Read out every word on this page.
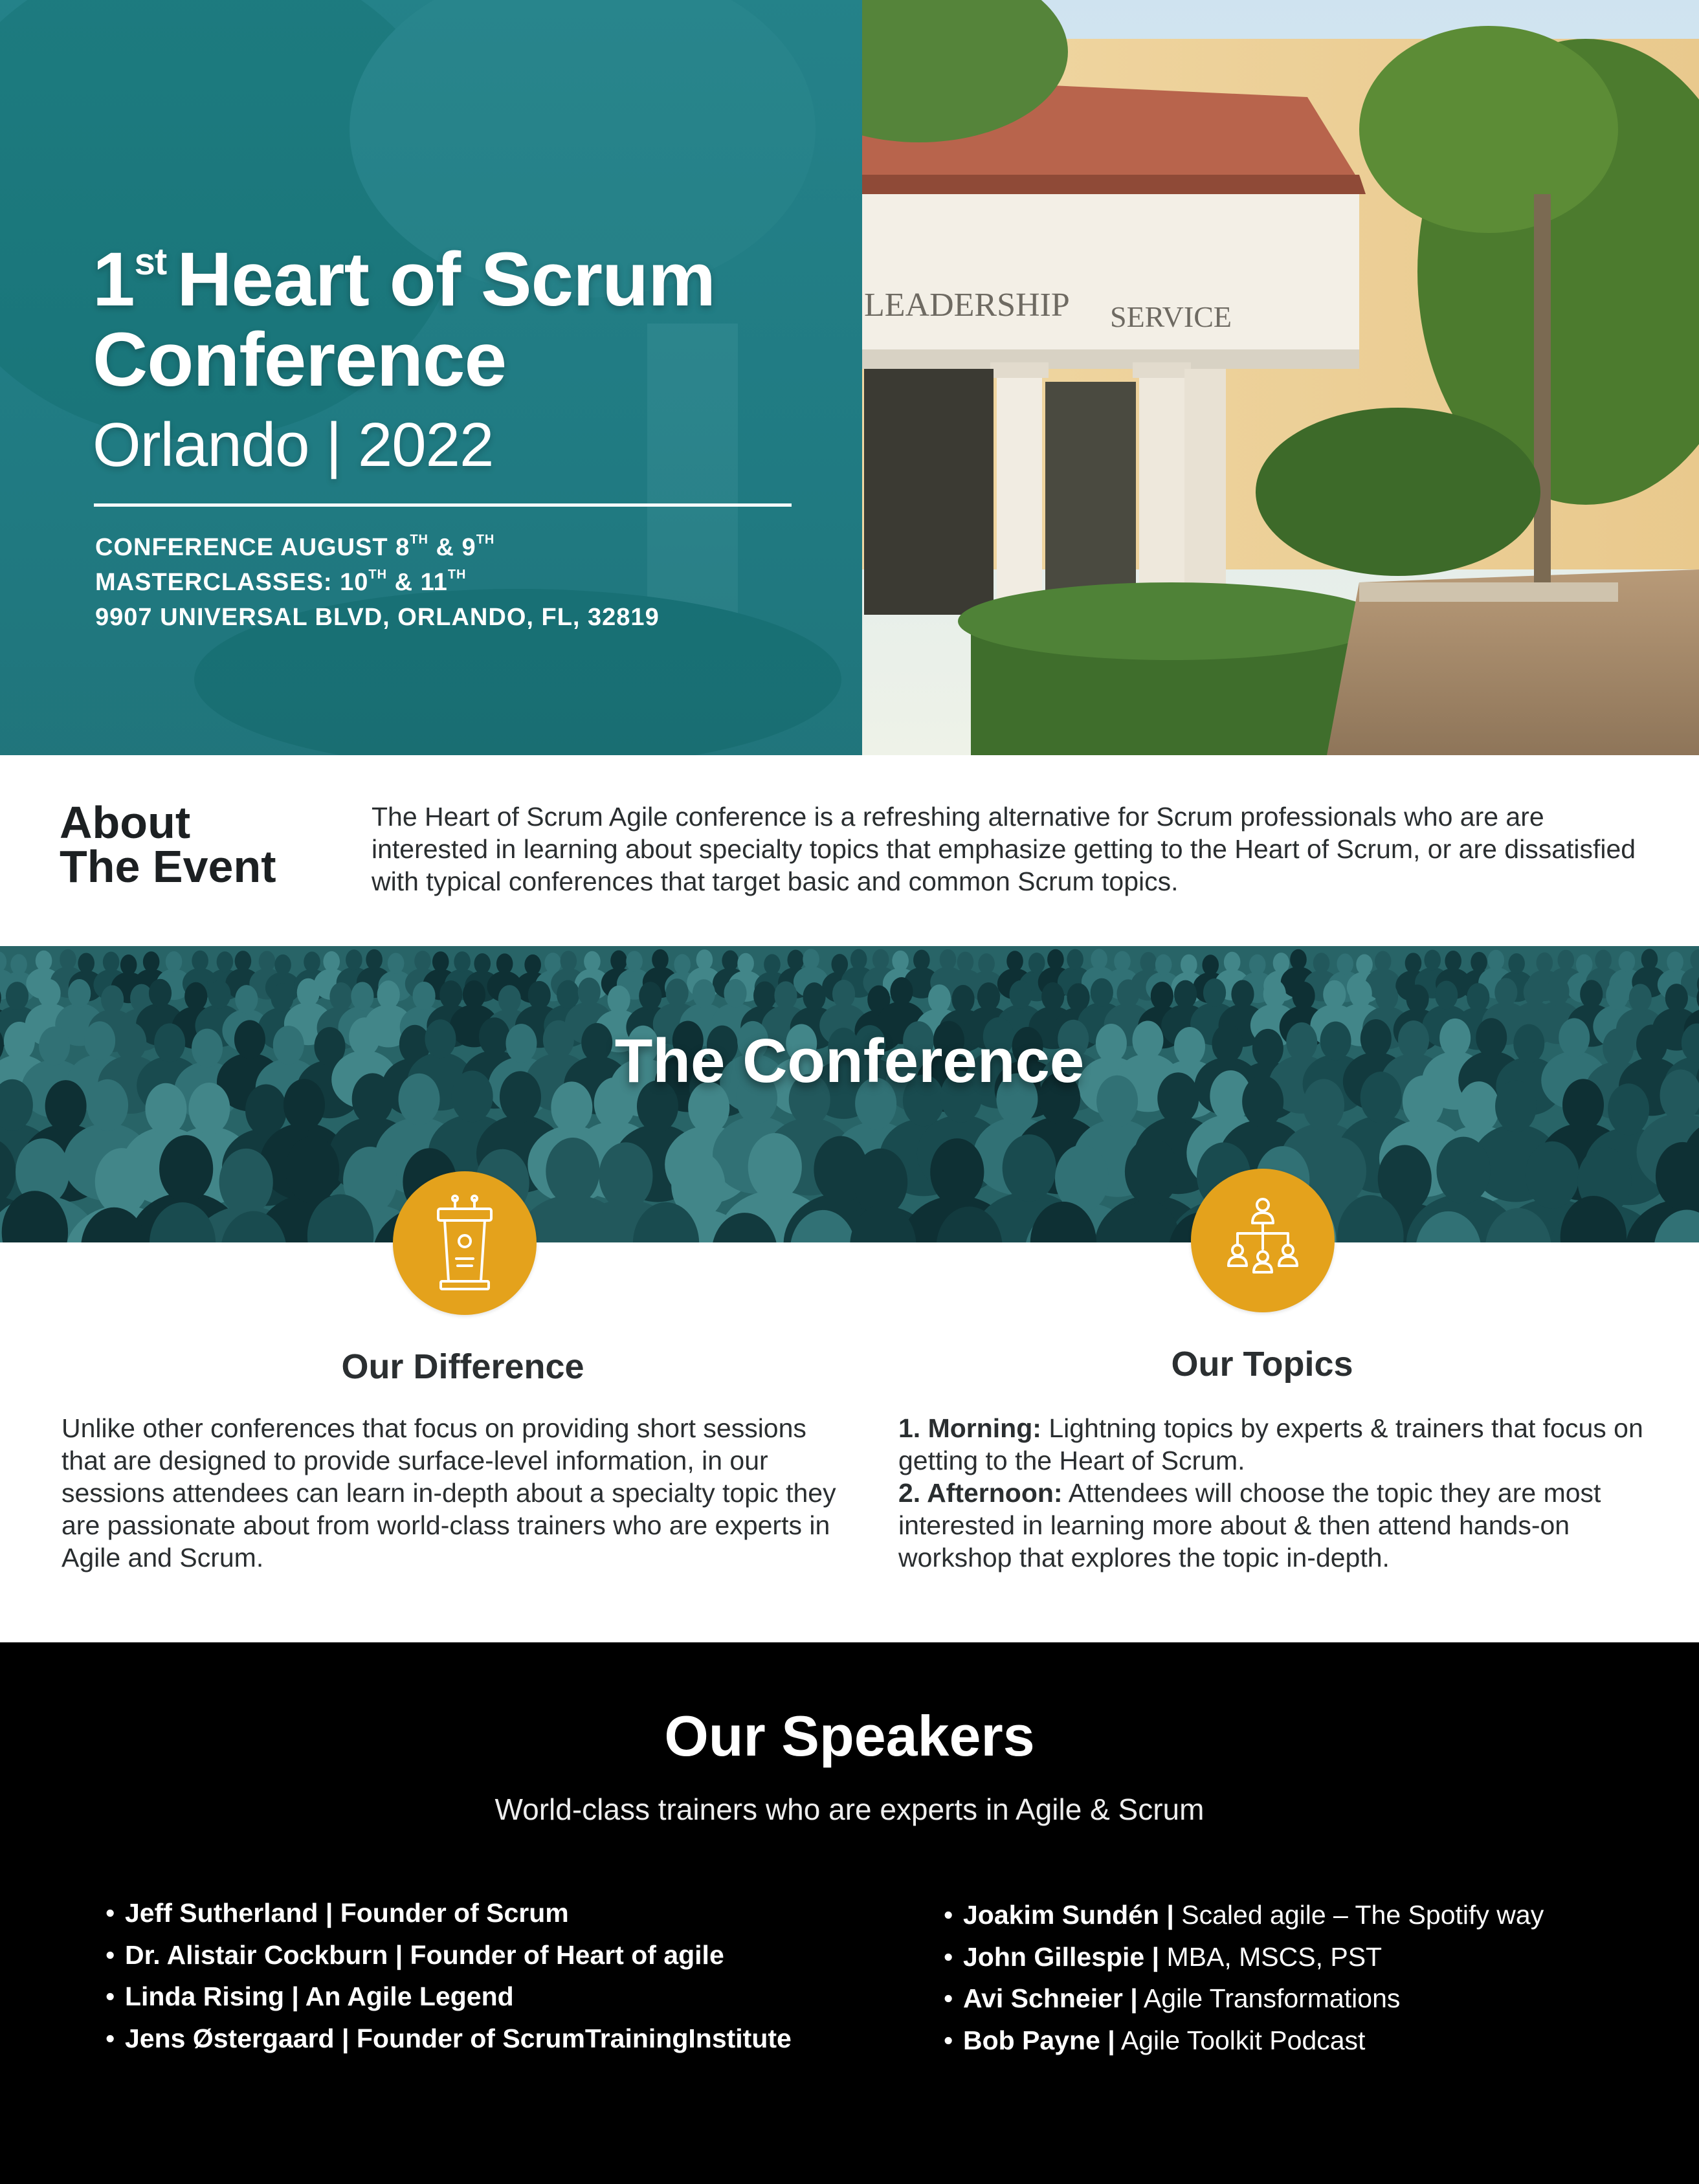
LEADERSHIP SERVICE
1st Heart of Scrum
Conference
Orlando | 2022
CONFERENCE AUGUST 8TH & 9TH
MASTERCLASSES: 10TH & 11TH
9907 UNIVERSAL BLVD, ORLANDO, FL, 32819
About
The Event
The Heart of Scrum Agile conference is a refreshing alternative for Scrum professionals who are are interested in learning about specialty topics that emphasize getting to the Heart of Scrum, or are dissatisfied with typical conferences that target basic and common Scrum topics.
The Conference
Our Difference
Unlike other conferences that focus on providing short sessions that are designed to provide surface-level information, in our sessions attendees can learn in-depth about a specialty topic they are passionate about from world-class trainers who are experts in Agile and Scrum.
Our Topics
1. Morning: Lightning topics by experts & trainers that focus on getting to the Heart of Scrum.
2. Afternoon: Attendees will choose the topic they are most interested in learning more about & then attend hands-on workshop that explores the topic in-depth.
Our Speakers
World-class trainers who are experts in Agile & Scrum
• Jeff Sutherland | Founder of Scrum
• Dr. Alistair Cockburn | Founder of Heart of agile
• Linda Rising | An Agile Legend
• Jens Østergaard | Founder of ScrumTrainingInstitute
• Joakim Sundén | Scaled agile – The Spotify way
• John Gillespie | MBA, MSCS, PST
• Avi Schneier | Agile Transformations
• Bob Payne | Agile Toolkit Podcast
